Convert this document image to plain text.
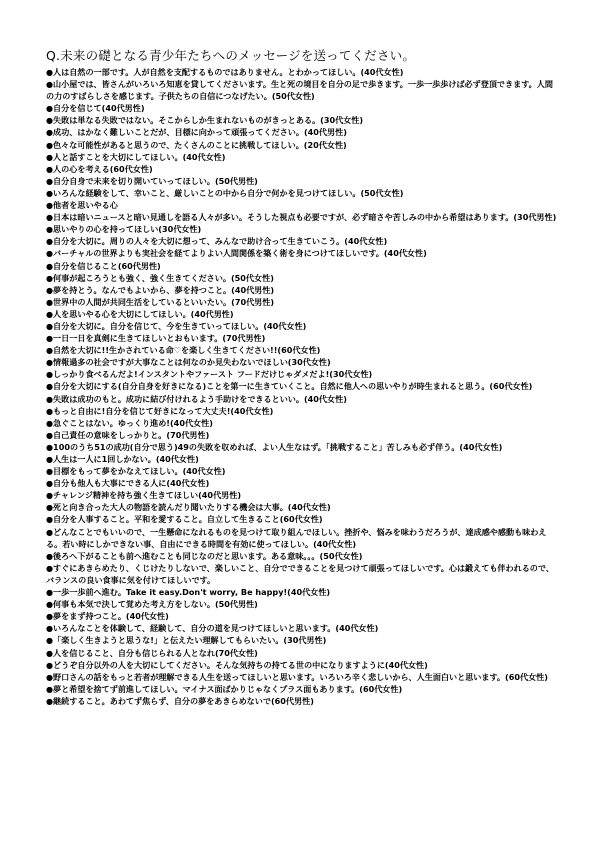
Q.未来の礎となる青少年たちへのメッセージを送ってください。
●人は自然の一部です。人が自然を支配するものではありません。とわかってほしい。(40代女性)
●山小屋では、皆さんがいろいろ知恵を貸してくださいます。生と死の境目を自分の足で歩きます。一歩一歩歩けば必ず登頂できます。人間の力のすばらしさを感じます。子供たちの自信につなげたい。(50代女性)
●自分を信じて(40代男性)
●失敗は単なる失敗ではない。そこからしか生まれないものがきっとある。(30代女性)
●成功、はかなく難しいことだが、目標に向かって頑張ってください。(40代男性)
●色々な可能性があると思うので、たくさんのことに挑戦してほしい。(20代女性)
●人と話すことを大切にしてほしい。(40代女性)
●人の心を考える(60代女性)
●自分自身で未来を切り開いていってほしい。(50代男性)
●いろんな経験をして、幸いこと、厳しいことの中から自分で何かを見つけてほしい。(50代女性)
●他者を思いやる心
●日本は暗いニュースと暗い見通しを語る人々が多い。そうした視点も必要ですが、必ず暗さや苦しみの中から希望はあります。(30代男性)
●思いやりの心を持ってほしい(30代女性)
●自分を大切に。周りの人々を大切に想って、みんなで助け合って生きていこう。(40代女性)
●バーチャルの世界よりも実社会を経てよりよい人間関係を築く術を身につけてほしいです。(40代女性)
●自分を信じること(60代男性)
●何事が起ころうとも強く、強く生きてください。(50代女性)
●夢を持とう。なんでもよいから、夢を持つこと。(40代男性)
●世界中の人間が共同生活をしているといいたい。(70代男性)
●人を思いやる心を大切にしてほしい。(40代男性)
●自分を大切に。自分を信じて、今を生きていってほしい。(40代女性)
●一日一日を真剣に生きてほしいとおもいます。(70代男性)
●自然を大切に!!生かされている命♡を楽しく生きてください!!(60代女性)
●情報過多の社会ですが大事なことは何なのか見失わないでほしい(30代女性)
●しっかり食べるんだよ!インスタントやファースト フードだけじゃダメだよ!(30代女性)
●自分を大切にする(自分自身を好きになる)ことを第一に生きていくこと。自然に他人への思いやりが時生まれると思う。(60代女性)
●失敗は成功のもと。成功に結び付けれるよう手助けをできるといい。(40代女性)
●もっと自由に!自分を信じて好きになって大丈夫!(40代女性)
●急ぐことはない。ゆっくり進め!(40代女性)
●自己責任の意味をしっかりと。(70代男性)
●100のうち51の成功(自分で思う)49の失敗を収めれば、よい人生なはず。「挑戦すること」苦しみも必ず伴う。(40代女性)
●人生は一人に1回しかない。(40代女性)
●目標をもって夢をかなえてほしい。(40代女性)
●自分も他人も大事にできる人に(40代女性)
●チャレンジ精神を持ち強く生きてほしい(40代男性)
●死と向き合った大人の物語を読んだり聞いたりする機会は大事。(40代女性)
●自分を人事すること。平和を愛すること。自立して生きること(60代女性)
●どんなことでもいいので、一生懸命になれるものを見つけて取り組んでほしい。挫折や、悩みを味わうだろうが、達成感や感動も味わえる。若い時にしかできない事、自由にできる時間を有効に使ってほしい。(40代女性)
●後ろへ下がることも前へ進むことも同じなのだと思います。ある意味。。。(50代女性)
●すぐにあきらめたり、くじけたりしないで、楽しいこと、自分でできることを見つけて頑張ってほしいです。心は鍛えても伴われるので、バランスの良い食事に気を付けてほしいです。
●一歩一歩前へ進む。Take it easy.Don't worry, Be happy!(40代女性)
●何事も本気で決して覚めた考え方をしない。(50代男性)
●夢をまず持つこと。(40代女性)
●いろんなことを体験して、経験して、自分の道を見つけてほしいと思います。(40代女性)
●「楽しく生きようと思うな!」と伝えたい理解してもらいたい。(30代男性)
●人を信じること、自分も信じられる人となれ(70代女性)
●どうぞ自分以外の人を大切にしてください。そんな気持ちの持てる世の中になりますように(40代女性)
●野口さんの話をもっと若者が理解できる人生を送ってほしいと思います。いろいろ辛く悲しいから、人生面白いと思います。(60代女性)
●夢と希望を捨てず前進してほしい。マイナス面ばかりじゃなくプラス面もあります。(60代女性)
●継続すること。あわてず焦らず、自分の夢をあきらめないで(60代男性)
